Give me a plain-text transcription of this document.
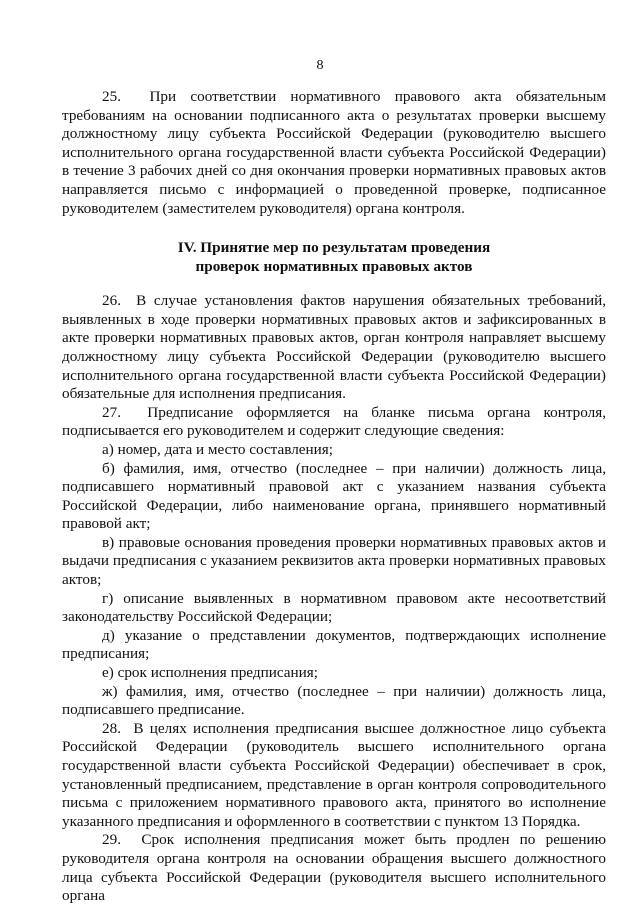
8

25.  При соответствии нормативного правового акта обязательным требованиям на основании подписанного акта о результатах проверки высшему должностному лицу субъекта Российской Федерации (руководителю высшего исполнительного органа государственной власти субъекта Российской Федерации) в течение 3 рабочих дней со дня окончания проверки нормативных правовых актов направляется письмо с информацией о проведенной проверке, подписанное руководителем (заместителем руководителя) органа контроля.

IV. Принятие мер по результатам проведения
проверок нормативных правовых актов

26.  В случае установления фактов нарушения обязательных требований, выявленных в ходе проверки нормативных правовых актов и зафиксированных в акте проверки нормативных правовых актов, орган контроля направляет высшему должностному лицу субъекта Российской Федерации (руководителю высшего исполнительного органа государственной власти субъекта Российской Федерации) обязательные для исполнения предписания.

27.  Предписание оформляется на бланке письма органа контроля, подписывается его руководителем и содержит следующие сведения:

а) номер, дата и место составления;

б) фамилия, имя, отчество (последнее – при наличии) должность лица, подписавшего нормативный правовой акт с указанием названия субъекта Российской Федерации, либо наименование органа, принявшего нормативный правовой акт;

в) правовые основания проведения проверки нормативных правовых актов и выдачи предписания с указанием реквизитов акта проверки нормативных правовых актов;

г) описание выявленных в нормативном правовом акте несоответствий законодательству Российской Федерации;

д) указание о представлении документов, подтверждающих исполнение предписания;

е) срок исполнения предписания;

ж) фамилия, имя, отчество (последнее – при наличии) должность лица, подписавшего предписание.

28.  В целях исполнения предписания высшее должностное лицо субъекта Российской Федерации (руководитель высшего исполнительного органа государственной власти субъекта Российской Федерации) обеспечивает в срок, установленный предписанием, представление в орган контроля сопроводительного письма с приложением нормативного правового акта, принятого во исполнение указанного предписания и оформленного в соответствии с пунктом 13 Порядка.

29.  Срок исполнения предписания может быть продлен по решению руководителя органа контроля на основании обращения высшего должностного лица субъекта Российской Федерации (руководителя высшего исполнительного органа
